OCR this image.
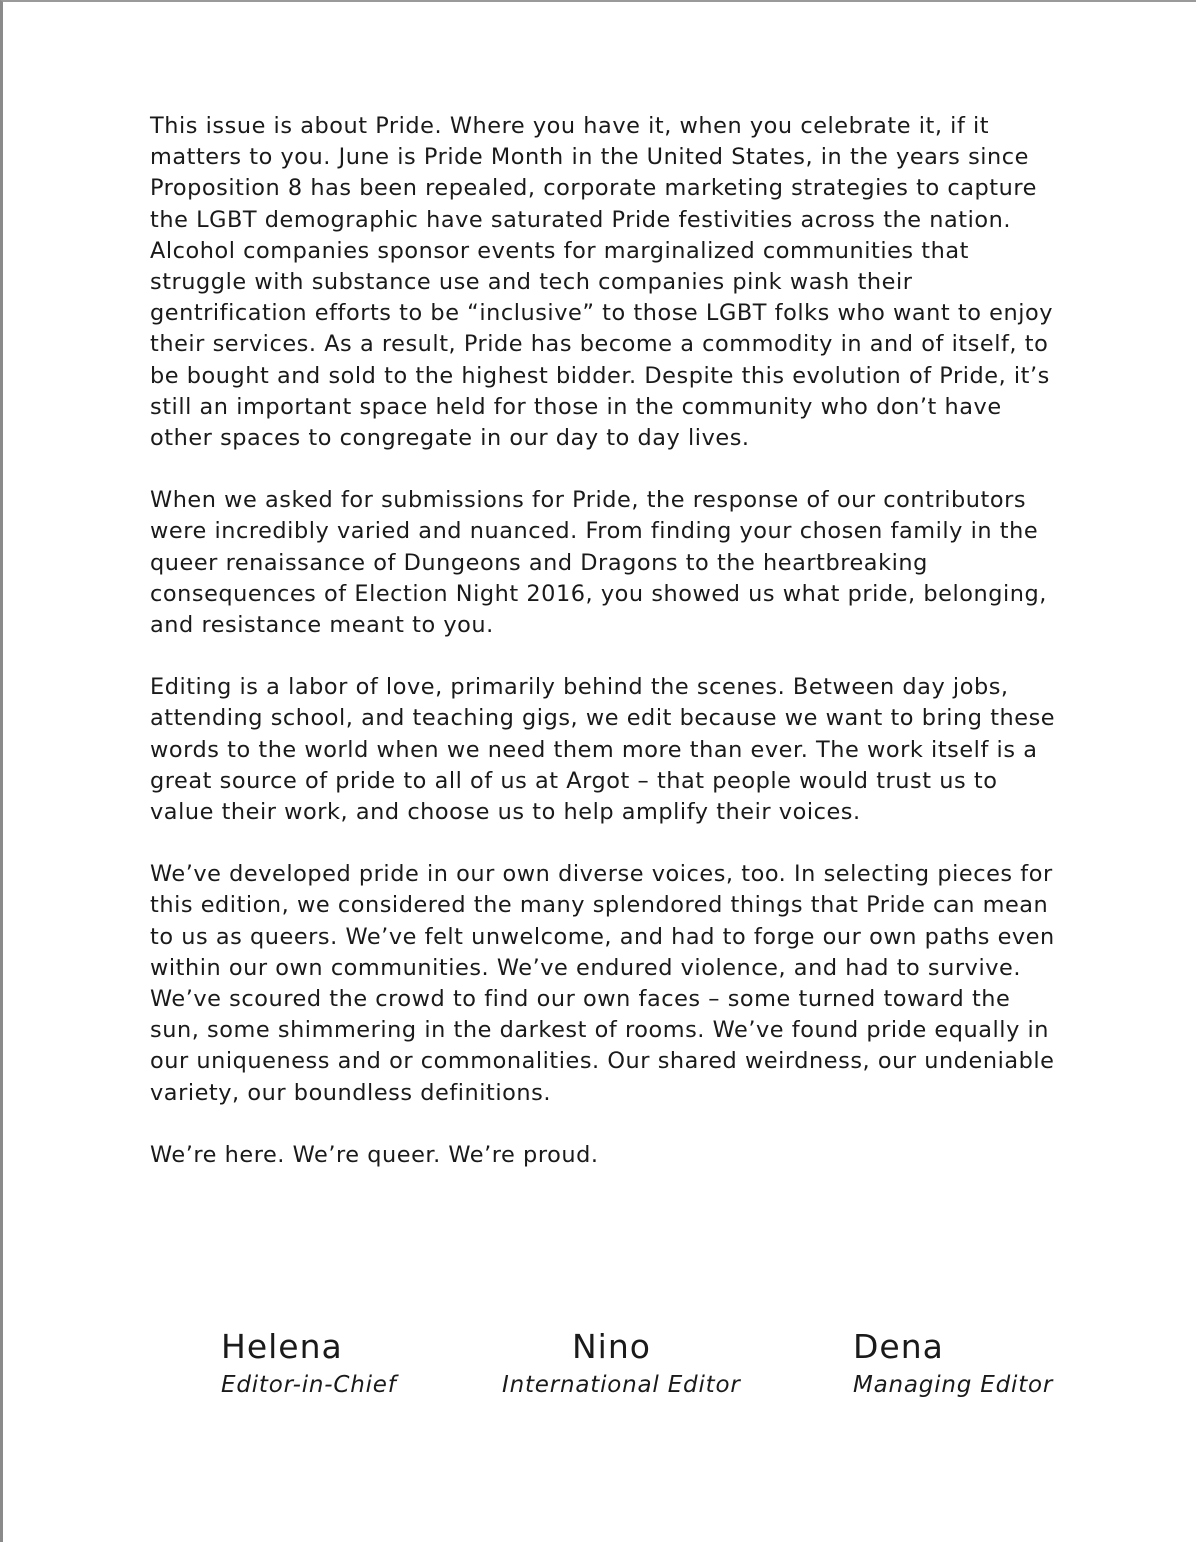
This issue is about Pride. Where you have it, when you celebrate it, if it
matters to you. June is Pride Month in the United States, in the years since
Proposition 8 has been repealed, corporate marketing strategies to capture
the LGBT demographic have saturated Pride festivities across the nation.
Alcohol companies sponsor events for marginalized communities that
struggle with substance use and tech companies pink wash their
gentrification efforts to be “inclusive” to those LGBT folks who want to enjoy
their services. As a result, Pride has become a commodity in and of itself, to
be bought and sold to the highest bidder. Despite this evolution of Pride, it’s
still an important space held for those in the community who don’t have
other spaces to congregate in our day to day lives.

When we asked for submissions for Pride, the response of our contributors
were incredibly varied and nuanced. From finding your chosen family in the
queer renaissance of Dungeons and Dragons to the heartbreaking
consequences of Election Night 2016, you showed us what pride, belonging,
and resistance meant to you.

Editing is a labor of love, primarily behind the scenes. Between day jobs,
attending school, and teaching gigs, we edit because we want to bring these
words to the world when we need them more than ever. The work itself is a
great source of pride to all of us at Argot – that people would trust us to
value their work, and choose us to help amplify their voices.

We’ve developed pride in our own diverse voices, too. In selecting pieces for
this edition, we considered the many splendored things that Pride can mean
to us as queers. We’ve felt unwelcome, and had to forge our own paths even
within our own communities. We’ve endured violence, and had to survive.
We’ve scoured the crowd to find our own faces – some turned toward the
sun, some shimmering in the darkest of rooms. We’ve found pride equally in
our uniqueness and or commonalities. Our shared weirdness, our undeniable
variety, our boundless definitions.

We’re here. We’re queer. We’re proud.

Helena
Editor-in-Chief
Nino
International Editor
Dena
Managing Editor
